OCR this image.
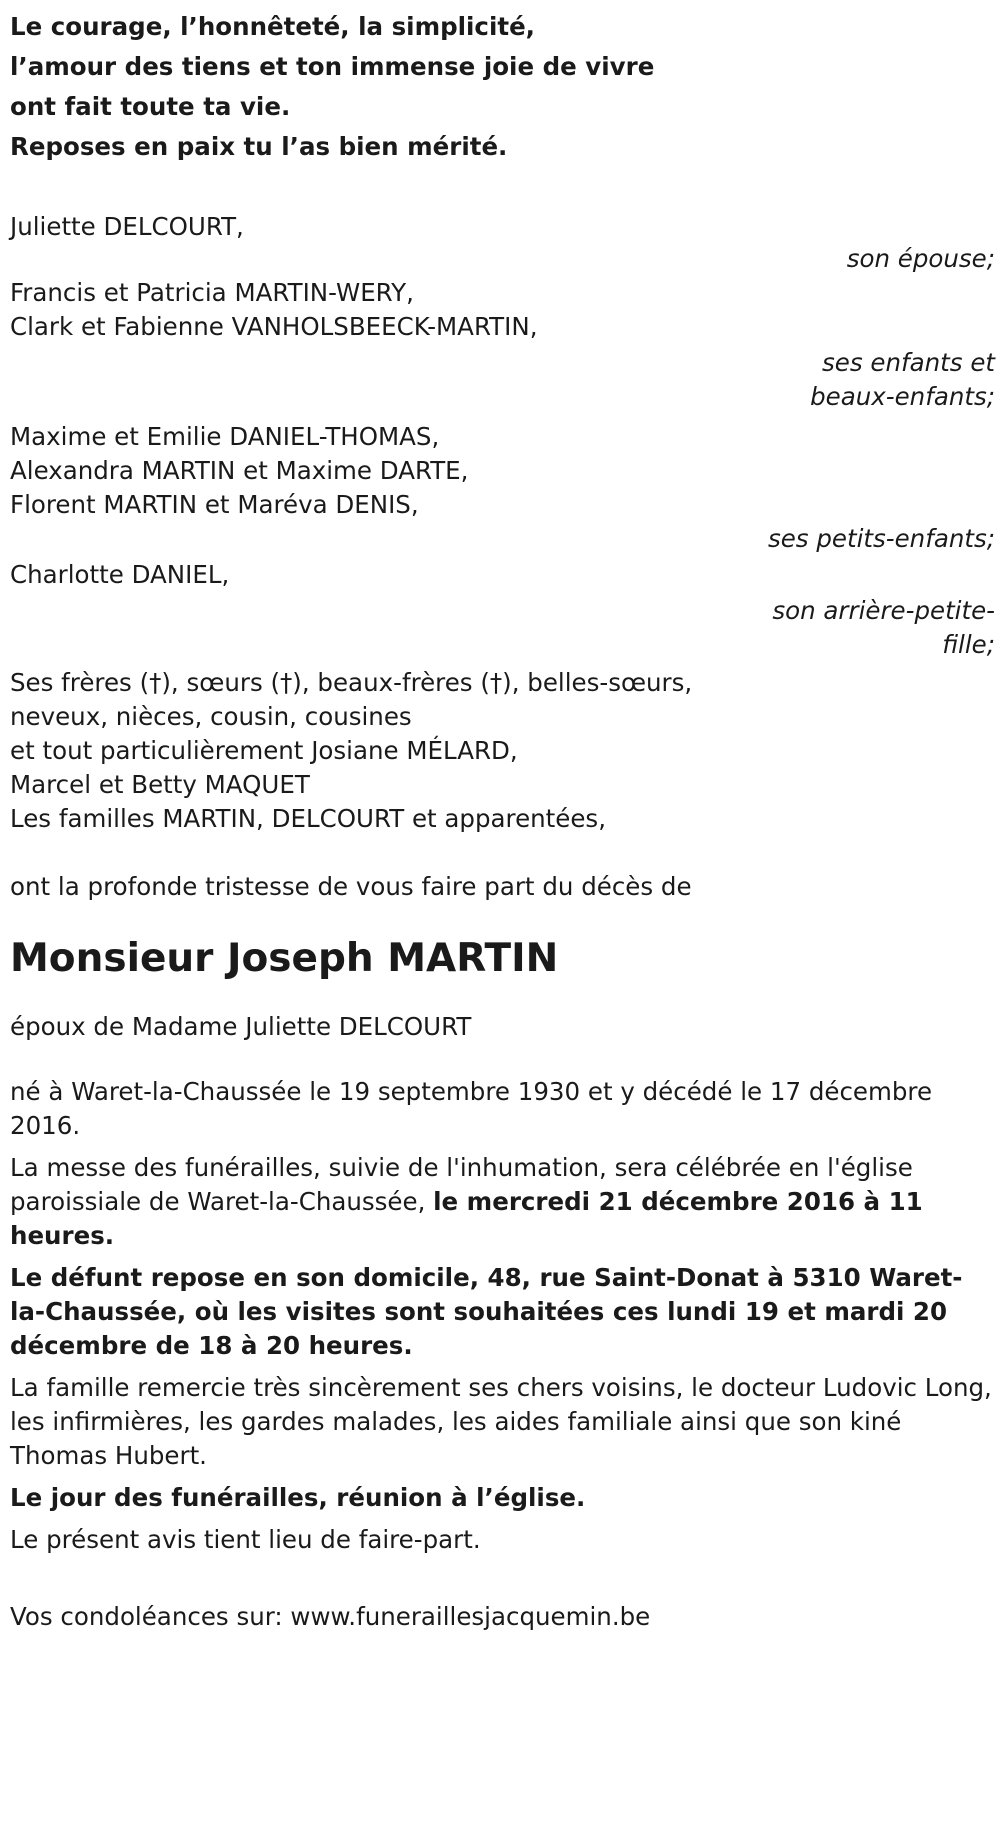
Le courage, l’honnêteté, la simplicité,
l’amour des tiens et ton immense joie de vivre
ont fait toute ta vie.
Reposes en paix tu l’as bien mérité.
Juliette DELCOURT,
son épouse;
Francis et Patricia MARTIN-WERY,
Clark et Fabienne VANHOLSBEECK-MARTIN,
ses enfants et
beaux-enfants;
Maxime et Emilie DANIEL-THOMAS,
Alexandra MARTIN et Maxime DARTE,
Florent MARTIN et Maréva DENIS,
ses petits-enfants;
Charlotte DANIEL,
son arrière-petite-
fille;
Ses frères (†), sœurs (†), beaux-frères (†), belles-sœurs,
neveux, nièces, cousin, cousines
et tout particulièrement Josiane MÉLARD,
Marcel et Betty MAQUET
Les familles MARTIN, DELCOURT et apparentées,
ont la profonde tristesse de vous faire part du décès de
Monsieur Joseph MARTIN
époux de Madame Juliette DELCOURT
né à Waret-la-Chaussée le 19 septembre 1930 et y décédé le 17 décembre 2016.
La messe des funérailles, suivie de l'inhumation, sera célébrée en l'église paroissiale de Waret-la-Chaussée, le mercredi 21 décembre 2016 à 11 heures.
Le défunt repose en son domicile, 48, rue Saint-Donat à 5310 Waret-la-Chaussée, où les visites sont souhaitées ces lundi 19 et mardi 20 décembre de 18 à 20 heures.
La famille remercie très sincèrement ses chers voisins, le docteur Ludovic Long, les infirmières, les gardes malades, les aides familiale ainsi que son kiné Thomas Hubert.
Le jour des funérailles, réunion à l’église.
Le présent avis tient lieu de faire-part.
Vos condoléances sur: www.funeraillesjacquemin.be
